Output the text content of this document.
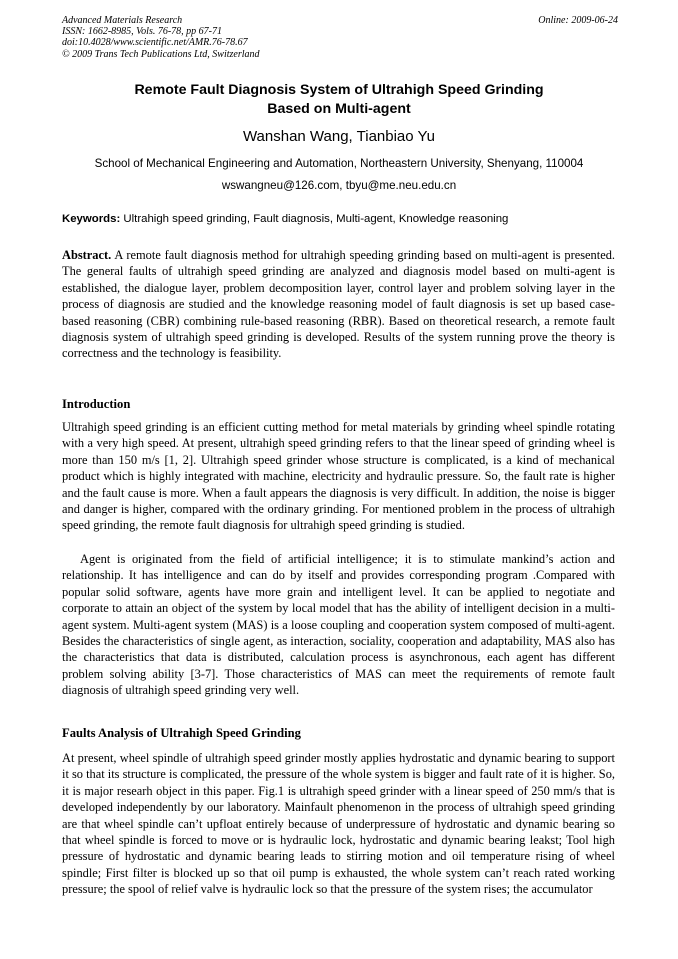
Advanced Materials Research	Online: 2009-06-24
ISSN: 1662-8985, Vols. 76-78, pp 67-71
doi:10.4028/www.scientific.net/AMR.76-78.67
© 2009 Trans Tech Publications Ltd, Switzerland
Remote Fault Diagnosis System of Ultrahigh Speed Grinding
Based on Multi-agent
Wanshan Wang, Tianbiao Yu
School of Mechanical Engineering and Automation, Northeastern University, Shenyang, 110004
wswangneu@126.com, tbyu@me.neu.edu.cn
Keywords: Ultrahigh speed grinding, Fault diagnosis, Multi-agent, Knowledge reasoning

Abstract. A remote fault diagnosis method for ultrahigh speeding grinding based on multi-agent is presented. The general faults of ultrahigh speed grinding are analyzed and diagnosis model based on multi-agent is established, the dialogue layer, problem decomposition layer, control layer and problem solving layer in the process of diagnosis are studied and the knowledge reasoning model of fault diagnosis is set up based case-based reasoning (CBR) combining rule-based reasoning (RBR). Based on theoretical research, a remote fault diagnosis system of ultrahigh speed grinding is developed. Results of the system running prove the theory is correctness and the technology is feasibility.

Introduction

Ultrahigh speed grinding is an efficient cutting method for metal materials by grinding wheel spindle rotating with a very high speed. At present, ultrahigh speed grinding refers to that the linear speed of grinding wheel is more than 150 m/s [1, 2]. Ultrahigh speed grinder whose structure is complicated, is a kind of mechanical product which is highly integrated with machine, electricity and hydraulic pressure. So, the fault rate is higher and the fault cause is more. When a fault appears the diagnosis is very difficult. In addition, the noise is bigger and danger is higher, compared with the ordinary grinding. For mentioned problem in the process of ultrahigh speed grinding, the remote fault diagnosis for ultrahigh speed grinding is studied.

Agent is originated from the field of artificial intelligence; it is to stimulate mankind’s action and relationship. It has intelligence and can do by itself and provides corresponding program .Compared with popular solid software, agents have more grain and intelligent level. It can be applied to negotiate and corporate to attain an object of the system by local model that has the ability of intelligent decision in a multi-agent system. Multi-agent system (MAS) is a loose coupling and cooperation system composed of multi-agent. Besides the characteristics of single agent, as interaction, sociality, cooperation and adaptability, MAS also has the characteristics that data is distributed, calculation process is asynchronous, each agent has different problem solving ability [3-7]. Those characteristics of MAS can meet the requirements of remote fault diagnosis of ultrahigh speed grinding very well.

Faults Analysis of Ultrahigh Speed Grinding

At present, wheel spindle of ultrahigh speed grinder mostly applies hydrostatic and dynamic bearing to support it so that its structure is complicated, the pressure of the whole system is bigger and fault rate of it is higher. So, it is major researh object in this paper. Fig.1 is ultrahigh speed grinder with a linear speed of 250 mm/s that is developed independently by our laboratory. Mainfault phenomenon in the process of ultrahigh speed grinding are that wheel spindle can’t upfloat entirely because of underpressure of hydrostatic and dynamic bearing so that wheel spindle is forced to move or is hydraulic lock, hydrostatic and dynamic bearing leakst; Tool high pressure of hydrostatic and dynamic bearing leads to stirring motion and oil temperature rising of wheel spindle; First filter is blocked up so that oil pump is exhausted, the whole system can’t reach rated working pressure; the spool of relief valve is hydraulic lock so that the pressure of the system rises; the accumulator
